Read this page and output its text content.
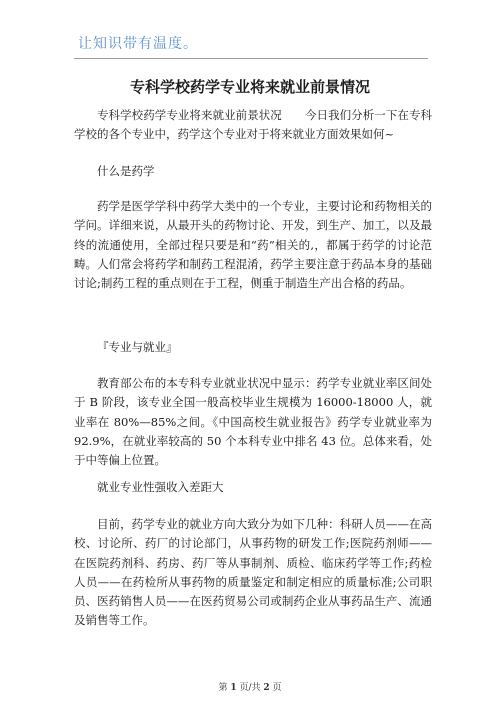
让知识带有温度。
专科学校药学专业将来就业前景情况
专科学校药学专业将来就业前景状况　　今日我们分析一下在专科学校的各个专业中，药学这个专业对于将来就业方面效果如何~
什么是药学
药学是医学学科中药学大类中的一个专业，主要讨论和药物相关的学问。详细来说，从最开头的药物讨论、开发，到生产、加工，以及最终的流通使用，全部过程只要是和“药”相关的,，都属于药学的讨论范畴。人们常会将药学和制药工程混淆，药学主要注意于药品本身的基础讨论;制药工程的重点则在于工程，侧重于制造生产出合格的药品。
『专业与就业』
教育部公布的本专科专业就业状况中显示：药学专业就业率区间处于 B 阶段，该专业全国一般高校毕业生规模为 16000-18000 人，就业率在 80%—85%之间。《中国高校生就业报告》药学专业就业率为 92.9%，在就业率较高的 50 个本科专业中排名 43 位。总体来看，处于中等偏上位置。
就业专业性强收入差距大
目前，药学专业的就业方向大致分为如下几种：科研人员——在高校、讨论所、药厂的讨论部门，从事药物的研发工作;医院药剂师——在医院药剂科、药房、药厂等从事制剂、质检、临床药学等工作;药检人员——在药检所从事药物的质量鉴定和制定相应的质量标准;公司职员、医药销售人员——在医药贸易公司或制药企业从事药品生产、流通及销售等工作。
第 1 页/共 2 页
